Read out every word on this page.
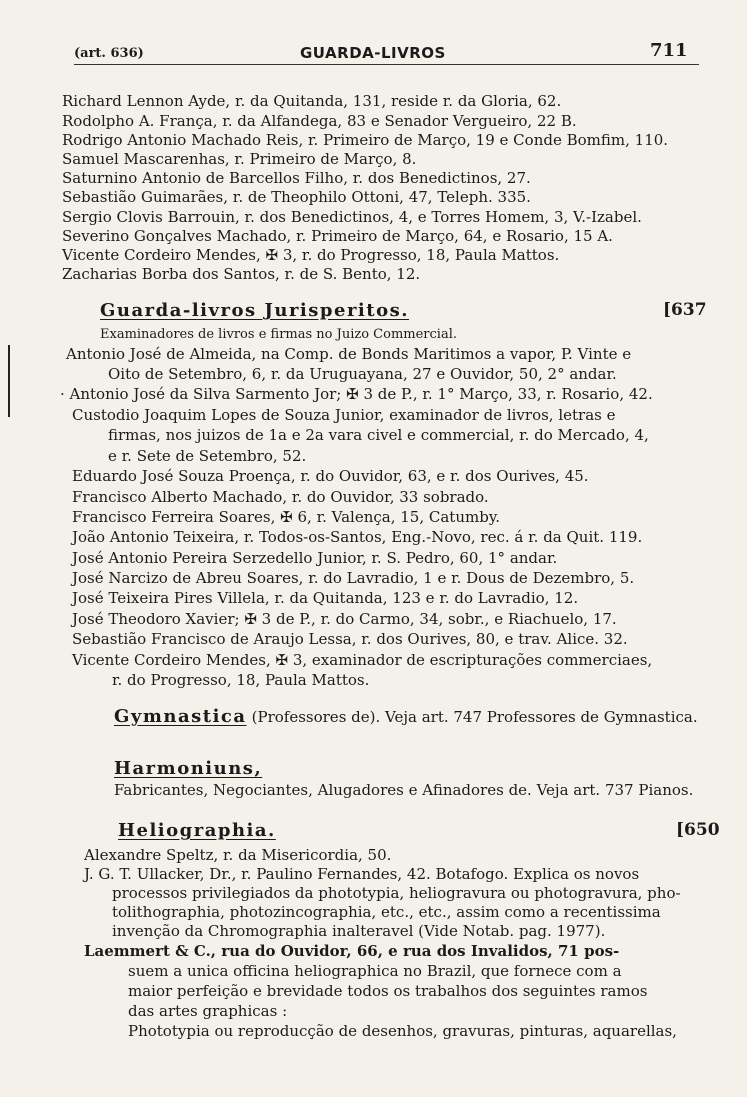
(art. 636)	GUARDA-LIVROS	711
Richard Lennon Ayde, r. da Quitanda, 131, reside r. da Gloria, 62.
Rodolpho A. França, r. da Alfandega, 83 e Senador Vergueiro, 22 B.
Rodrigo Antonio Machado Reis, r. Primeiro de Março, 19 e Conde Bomfim, 110.
Samuel Mascarenhas, r. Primeiro de Março, 8.
Saturnino Antonio de Barcellos Filho, r. dos Benedictinos, 27.
Sebastião Guimarães, r. de Theophilo Ottoni, 47, Teleph. 335.
Sergio Clovis Barrouin, r. dos Benedictinos, 4, e Torres Homem, 3, V.-Izabel.
Severino Gonçalves Machado, r. Primeiro de Março, 64, e Rosario, 15 A.
Vicente Cordeiro Mendes, ✠ 3, r. do Progresso, 18, Paula Mattos.
Zacharias Borba dos Santos, r. de S. Bento, 12.
Guarda-livros Jurisperitos.	[637
Examinadores de livros e firmas no Juizo Commercial.
Antonio José de Almeida, na Comp. de Bonds Maritimos a vapor, P. Vinte e
Oito de Setembro, 6, r. da Uruguayana, 27 e Ouvidor, 50, 2° andar.
· Antonio José da Silva Sarmento Jor; ✠ 3 de P., r. 1° Março, 33, r. Rosario, 42.
Custodio Joaquim Lopes de Souza Junior, examinador de livros, letras e
firmas, nos juizos de 1a e 2a vara civel e commercial, r. do Mercado, 4,
e r. Sete de Setembro, 52.
Eduardo José Souza Proença, r. do Ouvidor, 63, e r. dos Ourives, 45.
Francisco Alberto Machado, r. do Ouvidor, 33 sobrado.
Francisco Ferreira Soares, ✠ 6, r. Valença, 15, Catumby.
João Antonio Teixeira, r. Todos-os-Santos, Eng.-Novo, rec. á r. da Quit. 119.
José Antonio Pereira Serzedello Junior, r. S. Pedro, 60, 1° andar.
José Narcizo de Abreu Soares, r. do Lavradio, 1 e r. Dous de Dezembro, 5.
José Teixeira Pires Villela, r. da Quitanda, 123 e r. do Lavradio, 12.
José Theodoro Xavier; ✠ 3 de P., r. do Carmo, 34, sobr., e Riachuelo, 17.
Sebastião Francisco de Araujo Lessa, r. dos Ourives, 80, e trav. Alice. 32.
Vicente Cordeiro Mendes, ✠ 3, examinador de escripturações commerciaes,
r. do Progresso, 18, Paula Mattos.
Gymnastica (Professores de). Veja art. 747 Professores de Gymnastica.
Harmoniuns,
Fabricantes, Negociantes, Alugadores e Afinadores de. Veja art. 737 Pianos.
Heliographia.	[650
Alexandre Speltz, r. da Misericordia, 50.
J. G. T. Ullacker, Dr., r. Paulino Fernandes, 42. Botafogo. Explica os novos
processos privilegiados da phototypia, heliogravura ou photogravura, pho-
tolithographia, photozincographia, etc., etc., assim como a recentissima
invenção da Chromographia inalteravel (Vide Notab. pag. 1977).
Laemmert & C., rua do Ouvidor, 66, e rua dos Invalidos, 71 pos-
suem a unica officina heliographica no Brazil, que fornece com a
maior perfeição e brevidade todos os trabalhos dos seguintes ramos
das artes graphicas :
Phototypia ou reproducção de desenhos, gravuras, pinturas, aquarellas,
